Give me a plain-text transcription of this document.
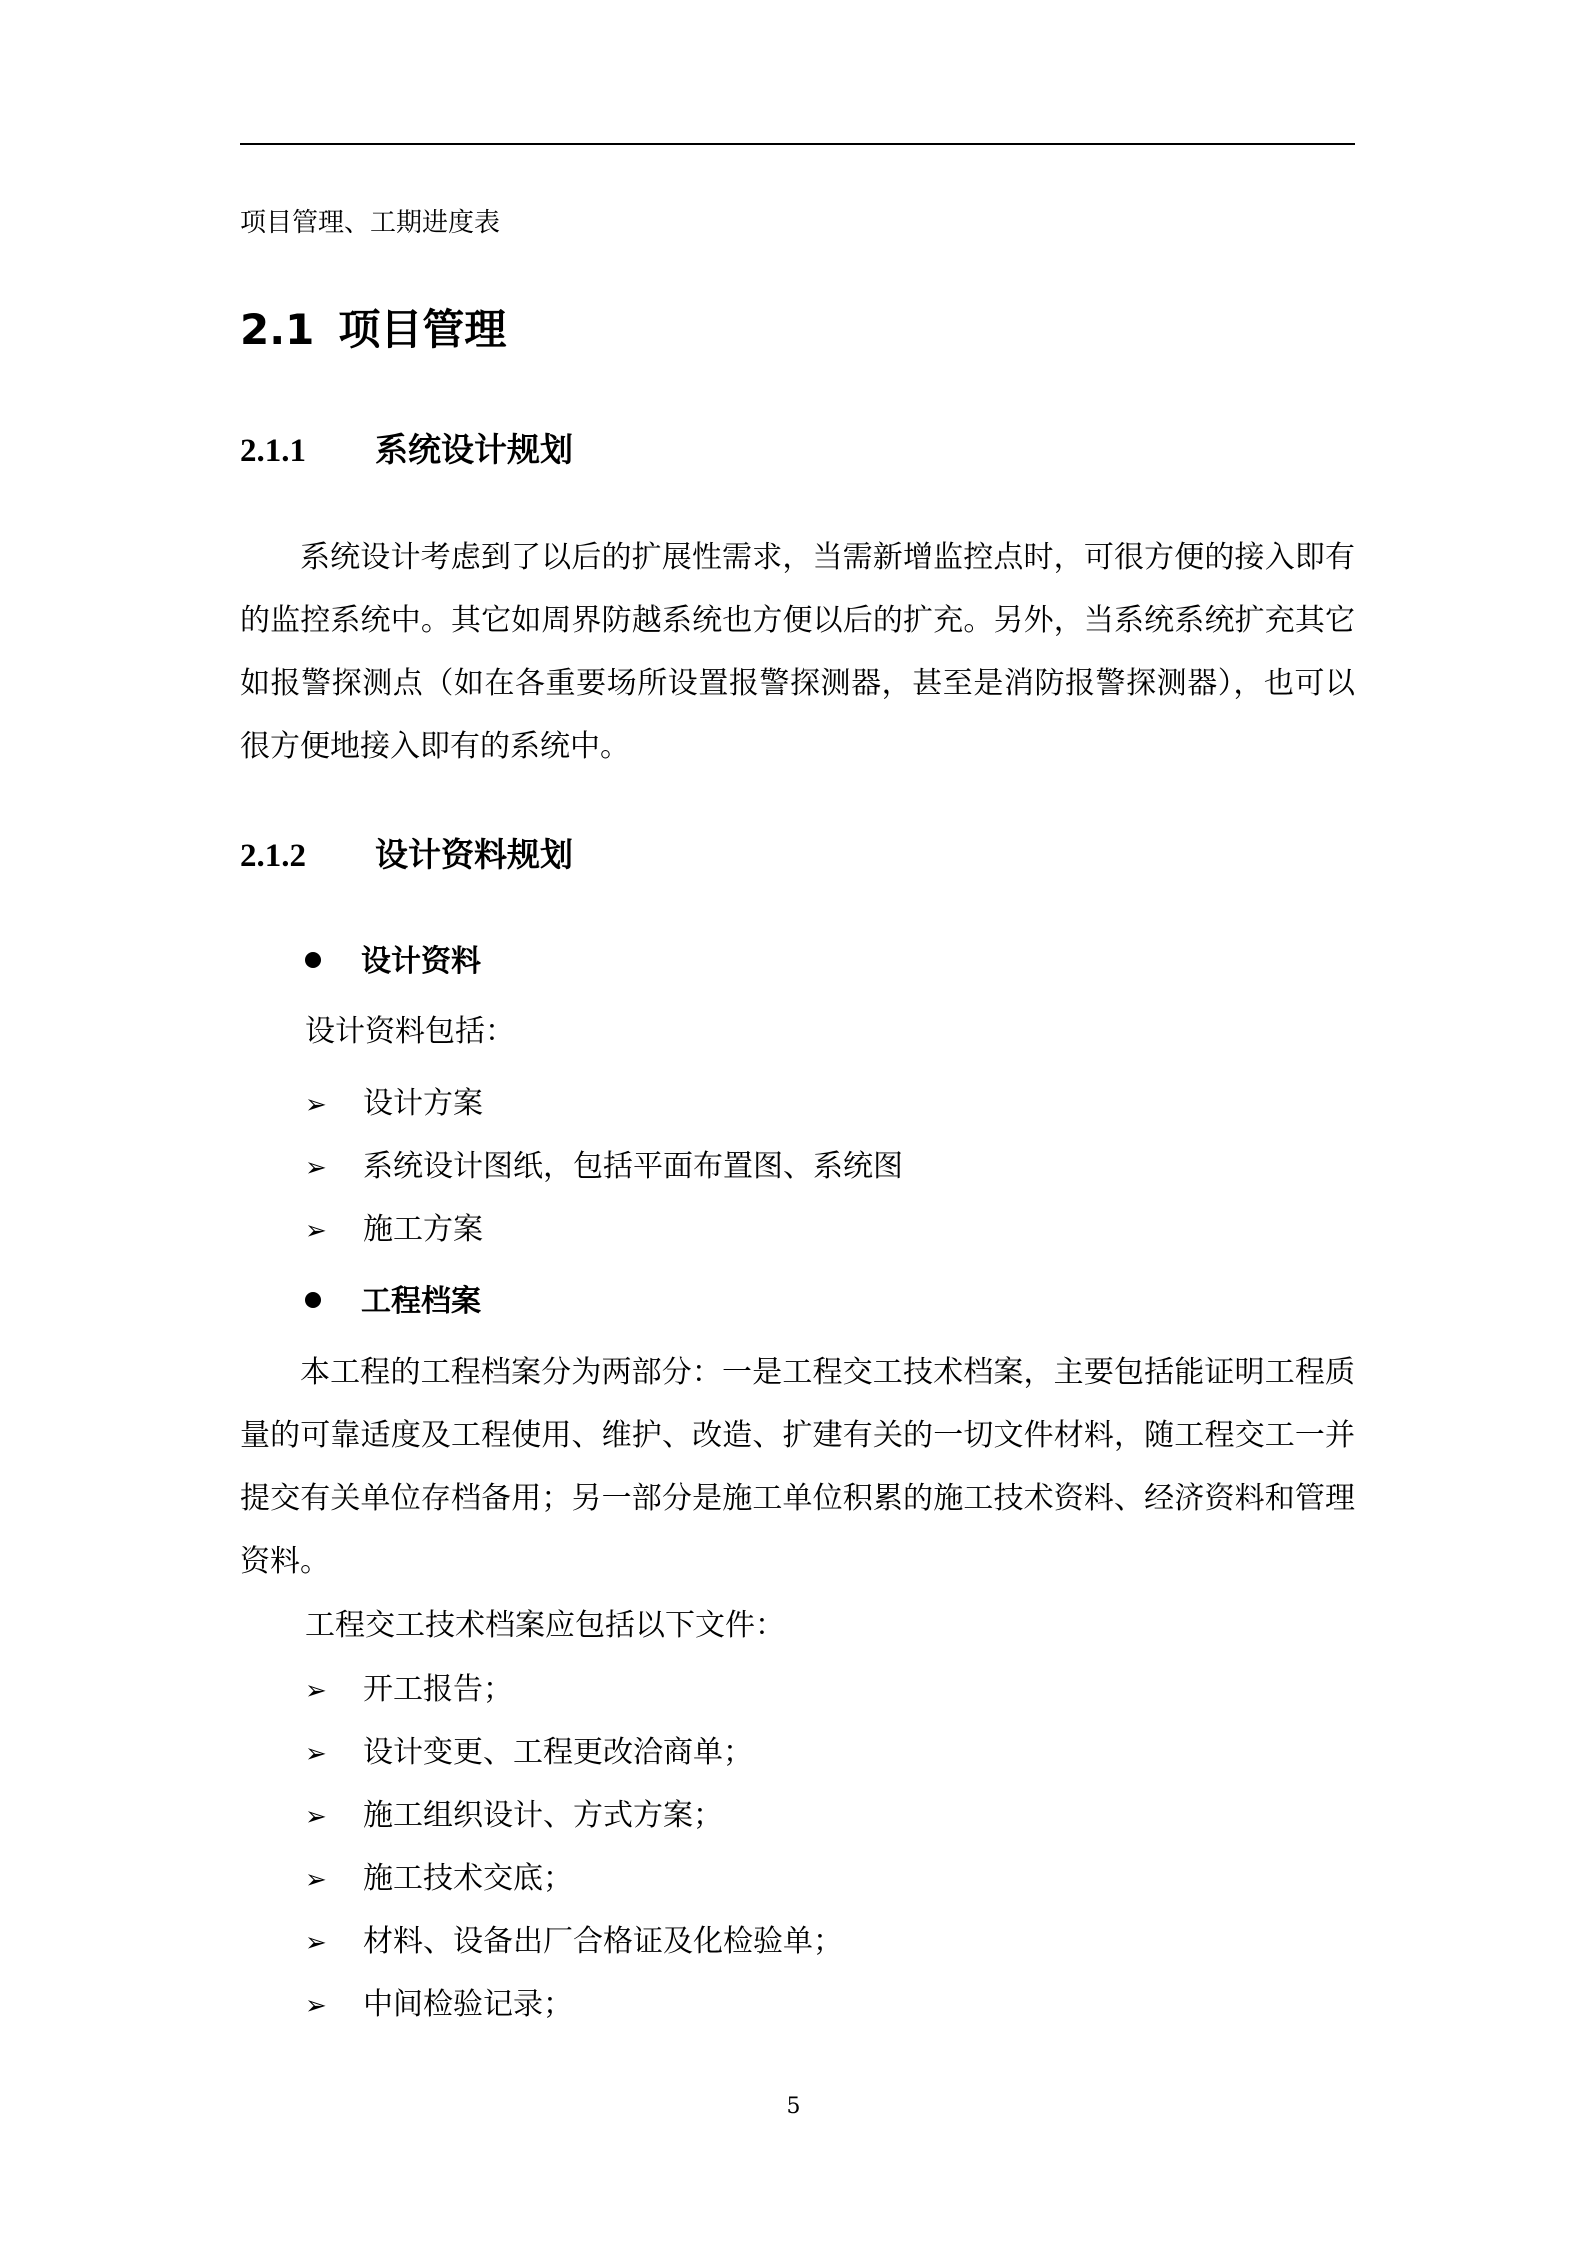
项目管理、工期进度表
2.1 项目管理
2.1.1 系统设计规划
系统设计考虑到了以后的扩展性需求，当需新增监控点时，可很方便的接入即有的监控系统中。其它如周界防越系统也方便以后的扩充。另外，当系统系统扩充其它如报警探测点（如在各重要场所设置报警探测器，甚至是消防报警探测器），也可以很方便地接入即有的系统中。
2.1.2 设计资料规划
设计资料
设计资料包括：
➢ 设计方案
➢ 系统设计图纸，包括平面布置图、系统图
➢ 施工方案
工程档案
本工程的工程档案分为两部分：一是工程交工技术档案，主要包括能证明工程质量的可靠适度及工程使用、维护、改造、扩建有关的一切文件材料，随工程交工一并提交有关单位存档备用；另一部分是施工单位积累的施工技术资料、经济资料和管理资料。
工程交工技术档案应包括以下文件：
➢ 开工报告；
➢ 设计变更、工程更改洽商单；
➢ 施工组织设计、方式方案；
➢ 施工技术交底；
➢ 材料、设备出厂合格证及化检验单；
➢ 中间检验记录；
5
